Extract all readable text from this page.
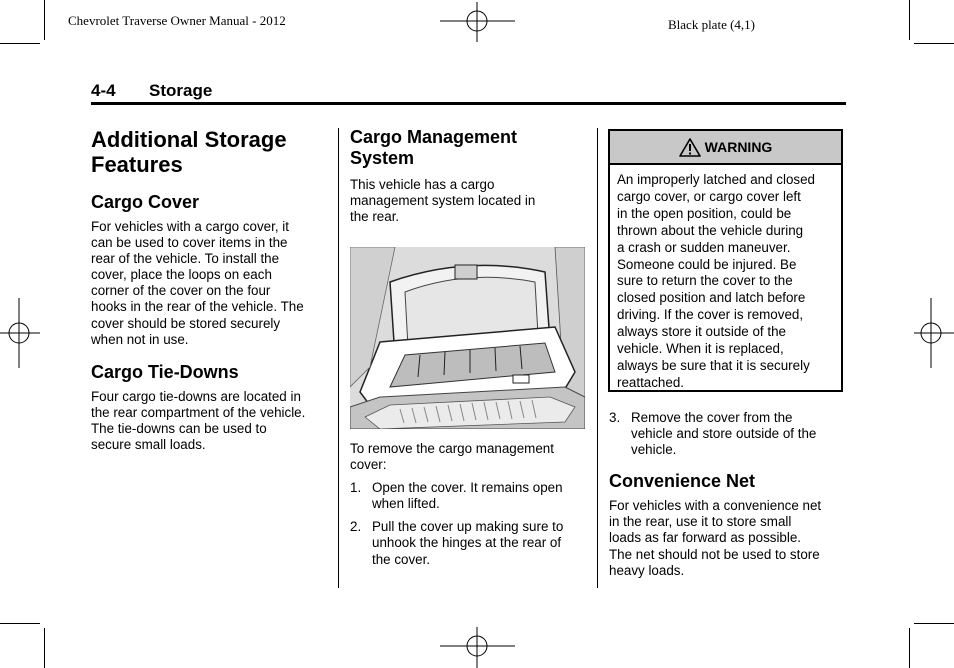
Chevrolet Traverse Owner Manual - 2012	Black plate (4,1)
4-4 Storage
Additional Storage
Features
Cargo Cover
For vehicles with a cargo cover, it
can be used to cover items in the
rear of the vehicle. To install the
cover, place the loops on each
corner of the cover on the four
hooks in the rear of the vehicle. The
cover should be stored securely
when not in use.
Cargo Tie-Downs
Four cargo tie-downs are located in
the rear compartment of the vehicle.
The tie-downs can be used to
secure small loads.
Cargo Management
System
This vehicle has a cargo
management system located in
the rear.
To remove the cargo management
cover:
1. Open the cover. It remains open
when lifted.
2. Pull the cover up making sure to
unhook the hinges at the rear of
the cover.
WARNING
An improperly latched and closed
cargo cover, or cargo cover left
in the open position, could be
thrown about the vehicle during
a crash or sudden maneuver.
Someone could be injured. Be
sure to return the cover to the
closed position and latch before
driving. If the cover is removed,
always store it outside of the
vehicle. When it is replaced,
always be sure that it is securely
reattached.
3. Remove the cover from the
vehicle and store outside of the
vehicle.
Convenience Net
For vehicles with a convenience net
in the rear, use it to store small
loads as far forward as possible.
The net should not be used to store
heavy loads.
